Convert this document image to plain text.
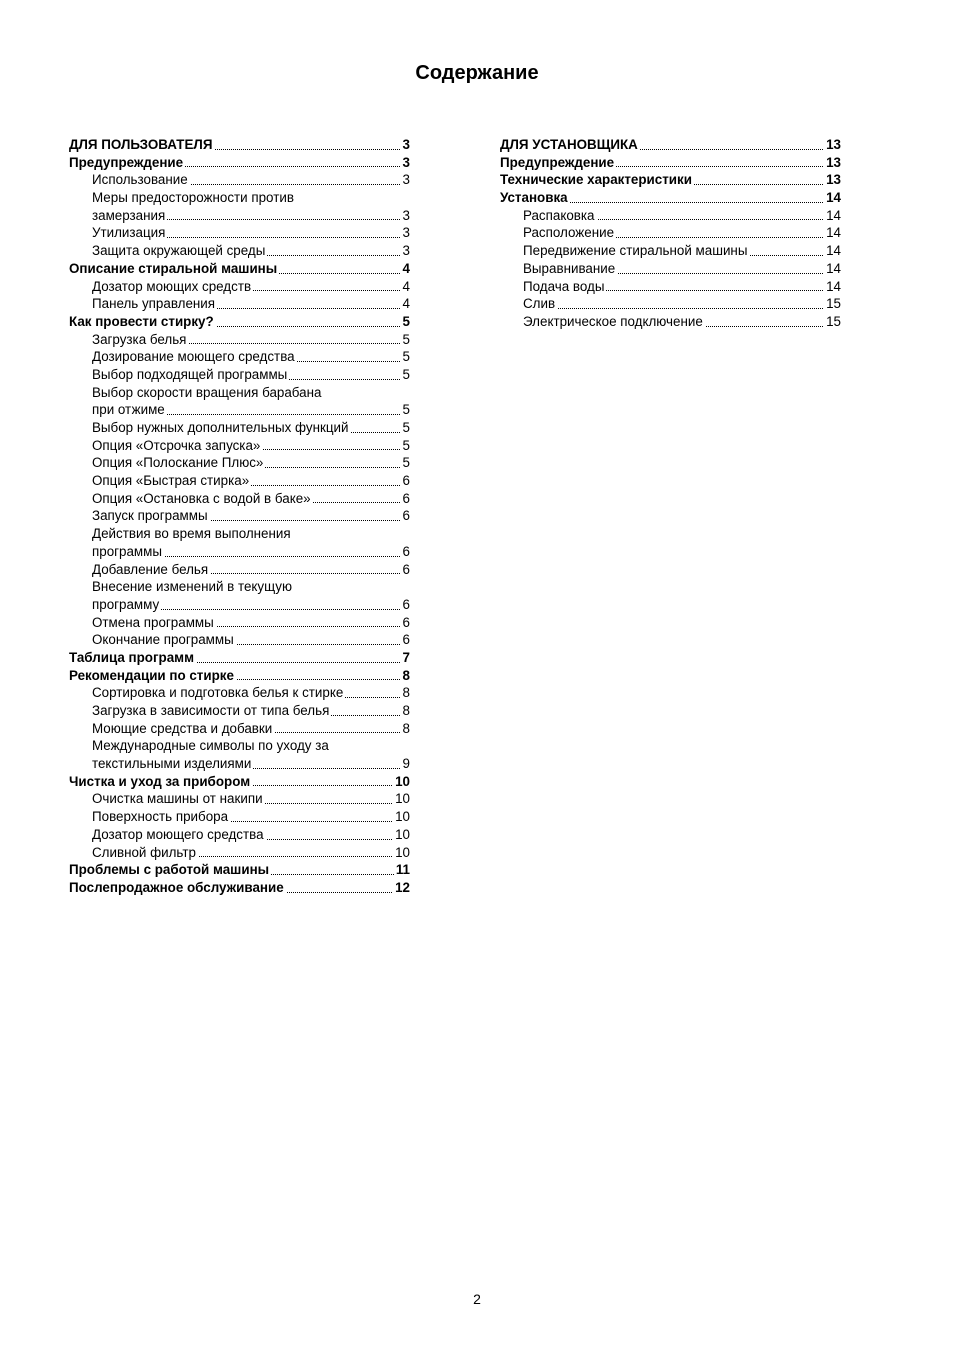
Содержание
ДЛЯ ПОЛЬЗОВАТЕЛЯ	3
Предупреждение	3
Использование	3
Меры предосторожности против
замерзания	3
Утилизация	3
Защита окружающей среды	3
Описание стиральной машины	4
Дозатор моющих средств	4
Панель управления	4
Как провести стирку?	5
Загрузка белья	5
Дозирование моющего средства	5
Выбор подходящей программы	5
Выбор скорости вращения барабана
при отжиме	5
Выбор нужных дополнительных функций	5
Опция «Отсрочка запуска»	5
Опция «Полоскание Плюс»	5
Опция «Быстрая стирка»	6
Опция «Остановка с водой в баке»	6
Запуск программы	6
Действия во время выполнения
программы	6
Добавление белья	6
Внесение изменений в текущую
программу	6
Отмена программы	6
Окончание программы	6
Таблица программ	7
Рекомендации по стирке	8
Сортировка и подготовка белья к стирке	8
Загрузка в зависимости от типа белья	8
Моющие средства и добавки	8
Международные символы по уходу за
текстильными изделиями	9
Чистка и уход за прибором	10
Очистка машины от накипи	10
Поверхность прибора	10
Дозатор моющего средства	10
Сливной фильтр	10
Проблемы с работой машины	11
Послепродажное обслуживание	12
ДЛЯ УСТАНОВЩИКА	13
Предупреждение	13
Технические характеристики	13
Установка	14
Распаковка	14
Расположение	14
Передвижение стиральной машины	14
Выравнивание	14
Подача воды	14
Слив	15
Электрическое подключение	15
2
